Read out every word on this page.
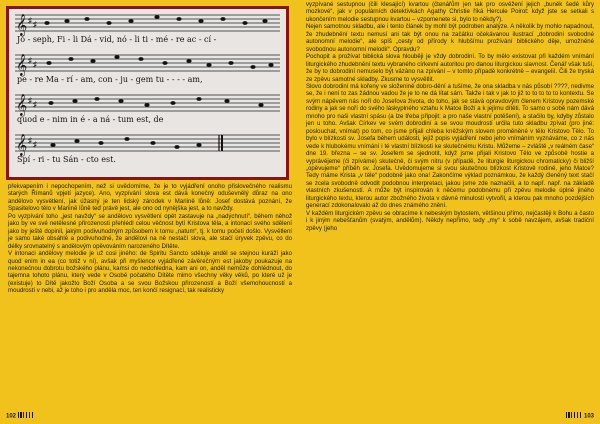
𝄞 ♯ ♯
Jó - seph, Fi - li Dá - vid, nó - li ti - mé - re ac - cí -
𝄞 ♯ ♯
pe - re Ma - rí - am, con - ju - gem tu - - - - am,
𝄞 ♯ ♯
quod e - nim in é - a ná - tum est, de
𝄞 ♯ ♯
Spí - ri - tu Sán - cto est.

překvapením i nepochopením, než si uvědomíme, že je to vyjádření onoho přislovečného realismu starých Římanů vpjetí jazyce). Ano, vyzpívání slova est dává konečný oduševnělý důraz na ono andělovo vysvětlení, jak úžasný je ten lidský zárodek v Mariině lůně: Josef dostává poznání, že Spasitelovo tělo v Mariině lůně teď právě jest, ale ono od nynějška jest, a to navždy.

Po vyzpívání toho „jest navždy“ se andělovo vysvětlení opět zastavuje na „nadýchnutí“, během něhož jako by ve své netělesné přirozenosti přehlédl celou věčnost bytí Kristova těla, a intonací svého sdělení jako by ještě dopinil, jakým podivuhodným způsobem k tomu „natum“, tj. k tomu početí došlo. Vysvětlení je samo také obsáhlé a podivuhodné, že andělovi na ně nestačí slova, ale stačí úryvek zpěvu, co do délky srovnatelný s andělovým opěvováním narozeného Dítěte.

V intonaci andělovy melodie je už cosi jiného: de Spiritu Sancto sděluje anděl se stejnou kuráží jako quod enim in ea (co totiž v ní), avšak při myšlence vyjádřené závěrečným est jakoby poukazuje na nekonečnou dobrotu božského plánu, kamsi do nedohledna, kam ani on, anděl nemůže dohlédnout, do tajemna tohoto plánu, který vede v Osobě počatého Dítěte mimo všechny věky věků, po které už je (existuje) to Dítě jakožto Boží Osoba a se svou Božskou přirozeností a Boží všemohoucností a moudrostí v nebi, až je toho i pro anděla moc, ten končí resignací, tak realisticky

102

vyzpívané sestupnou (čili klesající) kvartou (čtenářům jen tak pro osvěžení jejich „buněk šedé kůry mozkové“, jak v populárních detektivkách Agathy Christie říká Hercule Poirot: když jste se setkali s ukončením melodie sestupnou kvartou – vzpomenete si, bylo to někdy?).

Nejen samotnou skladbu, ale i tento článek by mohl být podroben analýze. A několik by mohlo napadnout, že zhudebnění textu nemusí ani tak být onou na začátku očekávanou ilustrací „dobrodiní svobodné autonomní melodie“, ale spíš „cesty od přírody k hlubšímu prožívání biblického děje, umožněné svobodnou autonomní melodií“. Opravdu?

Pochopit a prožívat biblická slova hlouběji je vždy dobrodiní. To by mělo existovat při každém vnímání liturgického zhudebnění textu vybraného církevní autoritou pro danou liturgickou slavnost. Čenář však tuší, že by to dobrodiní nemuselo být vázáno na zpívání – v tomto případě konkrétně – evangelií. Čili že tryská ze zpěvu samotné skladby. Zkusme to vysvětlit.

Slovo dobrodiní má kořeny ve složenině dobro-dění a tušíme, že ona skladba v nás působí ????, nedivme se, že i není to zas žádnou vadou že je to ne dá lítat sám. Takže i tak v jak to již to to to to to kontextu. Se svým nápěvem nás noří do Josefova života, do toho, jak se stává opravdovým členem Kristovy pozemské rodiny a jak se noří do svého láskyplného vztahu k Matce Boží a k jejímu dítěti. To samo o sobě nám dává mnoho pro naši vlastní spásu (a lze třeba připojit: a pro naše vlastní potěšení), a stačilo by, kdyby zůstalo jen u toho. Avšak Církev ve svém dobrodiní a se svou moudrostí určila tuto skladbu zpívat (pro jiné: poslouchat, vnímat) po tom, co jsme přijali chleba kněžským slovem proměněné v tělo Kristovo Tělo. To bylo v blízkosti sv. Josefa během události, jejíž popis vyjádření nebo jeho vnímáním vyznáváme, co z nás vede k hlubokému vnímání i té vlastní blízkosti ke skutečnému Kristu. Můžeme – zvláště „v reálném čase“ dne 19. března – se sv. Josefem se sjednotit, když jsme přijali Kristovo Tělo ve způsobě hostie a vyprávějeme (či zpíváme) skutečně, či svým nitru (v případě, že liturgie liturgickou chromaticky) či bližší „opěvujeme“ příběh sv. Josefa. Uvědomujeme si svou skutečnou blízkost Kristově rodině, jeho Matce? Tedy máme Krista „v těle“ podobně jako ona! Zakončíme výklad poznámkou, že každý členěný text stačí se zcela svobodně odvodit podobnou interpretaci, jakou jsme zde naznačili, a to např. např. na základě vlastních zkušeností. A může být inspirován k něčemu podobnému při zpěvu melodie úplně jiného liturgického textu, kterou autor zbožného života v dávné minulosti vytvořil, a kterou pak mnoho pozdějších generací zdokonalovalo až do dnes známého znění.

V každém liturgickém zpěvu se obracíme k nebeským bytostem, většinou přímo, nejčastěji k Bohu a často i k jiným nebešťanům (svatým, andělům). Někdy nepřímo, tedy „my“ k sobě navzájem, avšak tradiční zpěvy (jeho

103
